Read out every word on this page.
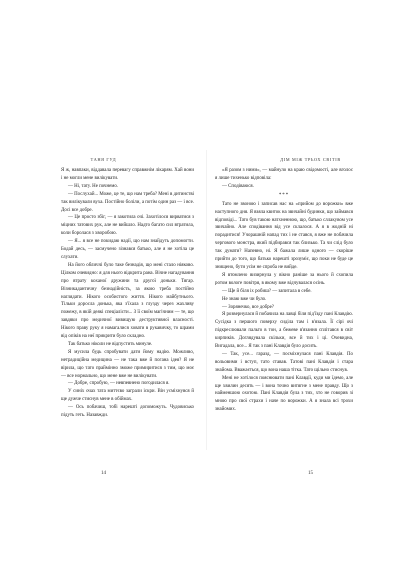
ТАНЯ ГУД

Я ж, навпаки, віддавала перевагу справжнім лікарям. Хай вони і не могли мене вилікувати.

— Ні, тату. Не почнемо.

— Послухай... Може, це те, що нам треба? Мені в дитинстві так вилікували вуха. Постійно боліли, а потім один раз — і все. Досі все добре.

— Це просто збіг, — я закотила очі. Захотілося вирватися з міцних татових рук, але не вийшло. Надто багато сил втратила, коли боролася з хворобою.

— Я... я все не покидаю надії, що нам знайдуть допомогти. Бодай десь, — засмучено зізнався батько, але я не хотіла це слухати.

На його обличчі було таке безнадія, що мені стало ніяково. Цілком очевидно: я для нього відкрита рана. Вічне нагадування про втрату коханої дружини та другої доньки. Тягар. Візникадантичну безнадійність, за якою треба постійно наглядати. Нікого особистого життя. Нікого майбутнього. Тільки доросла донька, яка з'їхала з глузду через жахливу пожежу, в якій деякі спеціалісти... З її своїм магічним — те, що завдяки про медичної вивищую деструктивної власності. Нікого праву руку я намагалися ховати в рукавичку, то шрами від опіків на неї прикрити було складно.

Так батько ніколи не відпустить минуле.

Я мусила будь спробувати дати йому надію. Можливо, нетрадиційна медицина — не така вже й погана ідея? Я не вірила, що тато праймінно зможе примиритися з тим, що моє — все нормально, що мене вже не вилікувати.

— Добре, спробую, — невпевнено погодилася я.

У синіх очах тата миттєво заграли іскри. Він усміхнувся й ще дужче стиснув мене в обіймах.

— Ось побачиш, тобі нарешті допоможуть. Чудовисько підуть геть. Назавжди.

14
ДІМ МІЖ ТРЬОХ СВІТІВ

«Я разом з ними», — майнуло на краю свідомості, але вголос я лише тихенько відповіла:

— Сподіваюся.

***

Тато не звоною і записав нас на «прийом до ворожки» вже наступного дня. Я взяла квиток на звичайні будинки, що займався відповіді... Тато був такою натхненною, що, батько сллакувом усе звичайно. Але сподівання від усе склалося. А я в жодній ні порадитися! Учорашній напад тих і не стався, я вже не побачила чергового монстра, який підбирався так близько. Та чи слід було так думати? Напевно, ні. Я бажала лише одного — скоріше прийти до того, що батько нарешті зрозуміє, що поки не буде це знищено, бути усім не спроба не вийде.

Я втомлено визирнула у вікно раніше за нього й схопила ротом вологе повітря, в якому вже відчувалася осінь.

— Ще й біля іх робиш? — запитала в себе.

Не знаю вже чи було.

— Зорянечко, все добре?

Я розвернулася й побачила на лавці біля під'їзду пані Клавдію. Сусідка з першого поверху сиділа там і в'язала. Її сірі очі підкреслювали пальто в тон, а бежеве в'язання сплітався в світ кирпиків. Доглядувала скільки, все й тих і ці. Очевидна, Вигадала, все... Я так з пані Клавдія було досить.

— Так, усе... гаразд, — посміхнулася пані Клавдія. По вольовими і вступ, тато ставав. Татові пані Клавдія і стара знайома. Вважається, що вона наша тітка. Тато щільно стиснув.

Мені не хотілося пояснювати пані Клавдії, куди ми їдемо, але ще хвилин десять — і вона точно витягне з мене правду. Що з найменшою охотою. Пані Клавдія була з тих, хто не говорив зі мною про свої страхи і наче по ворожки. А я знала всі трохи знайомих.

15
